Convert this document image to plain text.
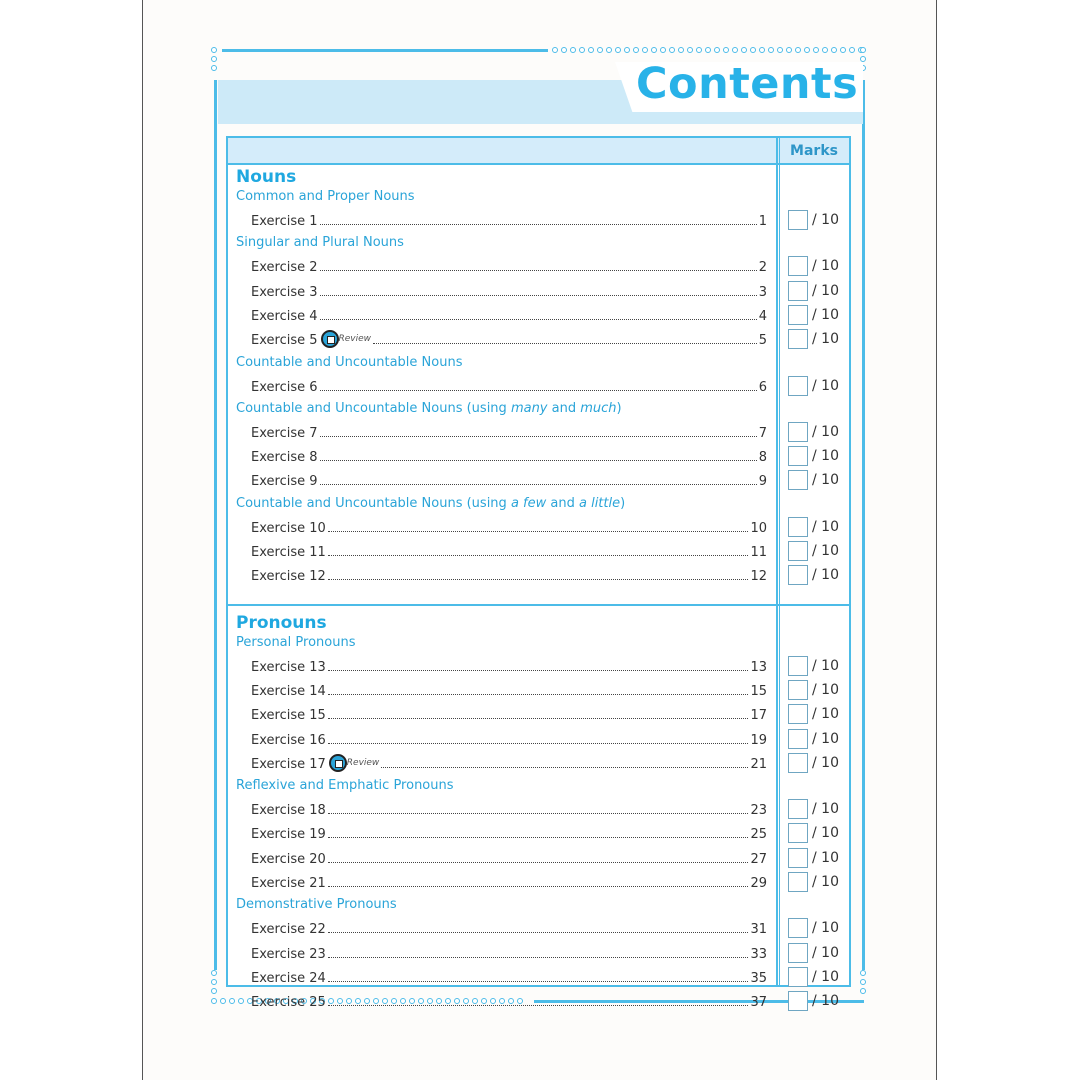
Contents
Marks
Nouns
Common and Proper Nouns
Exercise 1	1	/ 10
Singular and Plural Nouns
Exercise 2	2	/ 10
Exercise 3	3	/ 10
Exercise 4	4	/ 10
Exercise 5 Review	5	/ 10
Countable and Uncountable Nouns
Exercise 6	6	/ 10
Countable and Uncountable Nouns (using many and much)
Exercise 7	7	/ 10
Exercise 8	8	/ 10
Exercise 9	9	/ 10
Countable and Uncountable Nouns (using a few and a little)
Exercise 10	10	/ 10
Exercise 11	11	/ 10
Exercise 12	12	/ 10
Pronouns
Personal Pronouns
Exercise 13	13	/ 10
Exercise 14	15	/ 10
Exercise 15	17	/ 10
Exercise 16	19	/ 10
Exercise 17 Review	21	/ 10
Reflexive and Emphatic Pronouns
Exercise 18	23	/ 10
Exercise 19	25	/ 10
Exercise 20	27	/ 10
Exercise 21	29	/ 10
Demonstrative Pronouns
Exercise 22	31	/ 10
Exercise 23	33	/ 10
Exercise 24	35	/ 10
Exercise 25	37	/ 10
